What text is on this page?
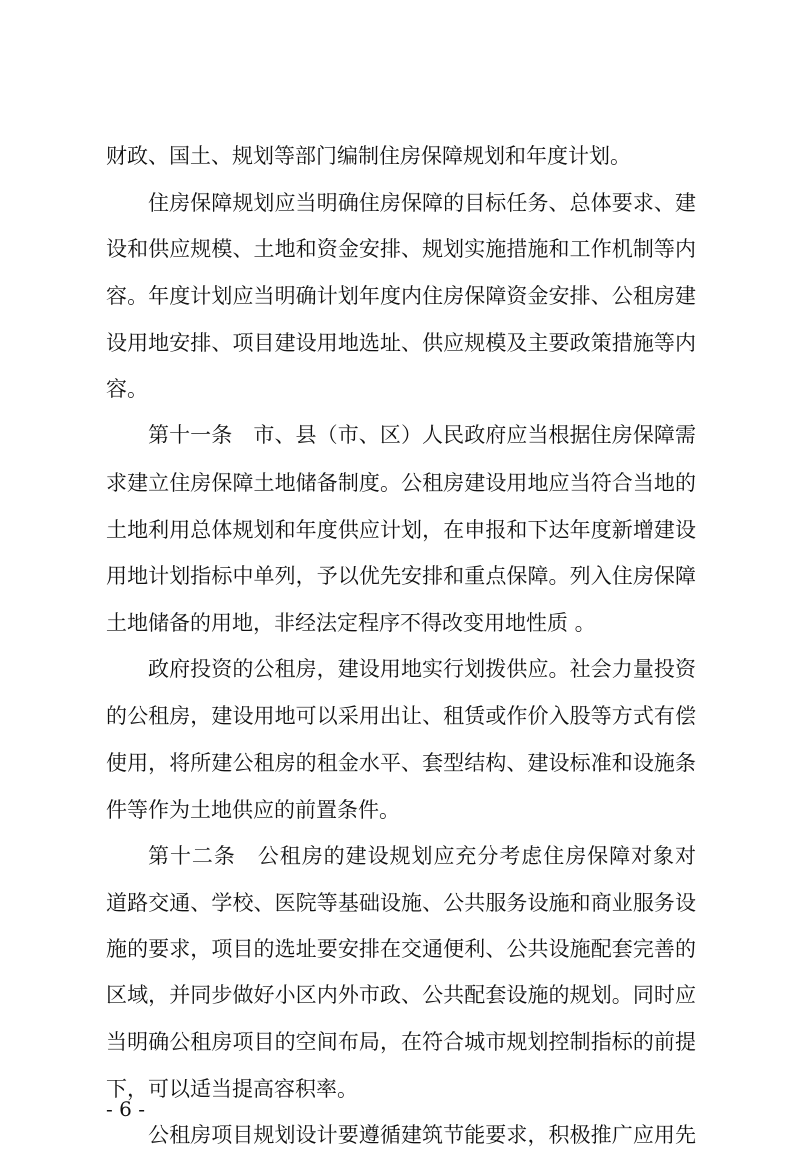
财政、国土、规划等部门编制住房保障规划和年度计划。
住房保障规划应当明确住房保障的目标任务、总体要求、建
设和供应规模、土地和资金安排、规划实施措施和工作机制等内
容。年度计划应当明确计划年度内住房保障资金安排、公租房建
设用地安排、项目建设用地选址、供应规模及主要政策措施等内
容。
第十一条　市、县（市、区）人民政府应当根据住房保障需
求建立住房保障土地储备制度。公租房建设用地应当符合当地的
土地利用总体规划和年度供应计划，在申报和下达年度新增建设
用地计划指标中单列，予以优先安排和重点保障。列入住房保障
土地储备的用地，非经法定程序不得改变用地性质 。
政府投资的公租房，建设用地实行划拨供应。社会力量投资
的公租房，建设用地可以采用出让、租赁或作价入股等方式有偿
使用，将所建公租房的租金水平、套型结构、建设标准和设施条
件等作为土地供应的前置条件。
第十二条　公租房的建设规划应充分考虑住房保障对象对
道路交通、学校、医院等基础设施、公共服务设施和商业服务设
施的要求，项目的选址要安排在交通便利、公共设施配套完善的
区域，并同步做好小区内外市政、公共配套设施的规划。同时应
当明确公租房项目的空间布局，在符合城市规划控制指标的前提
下，可以适当提高容积率。
公租房项目规划设计要遵循建筑节能要求，积极推广应用先
- 6 -
